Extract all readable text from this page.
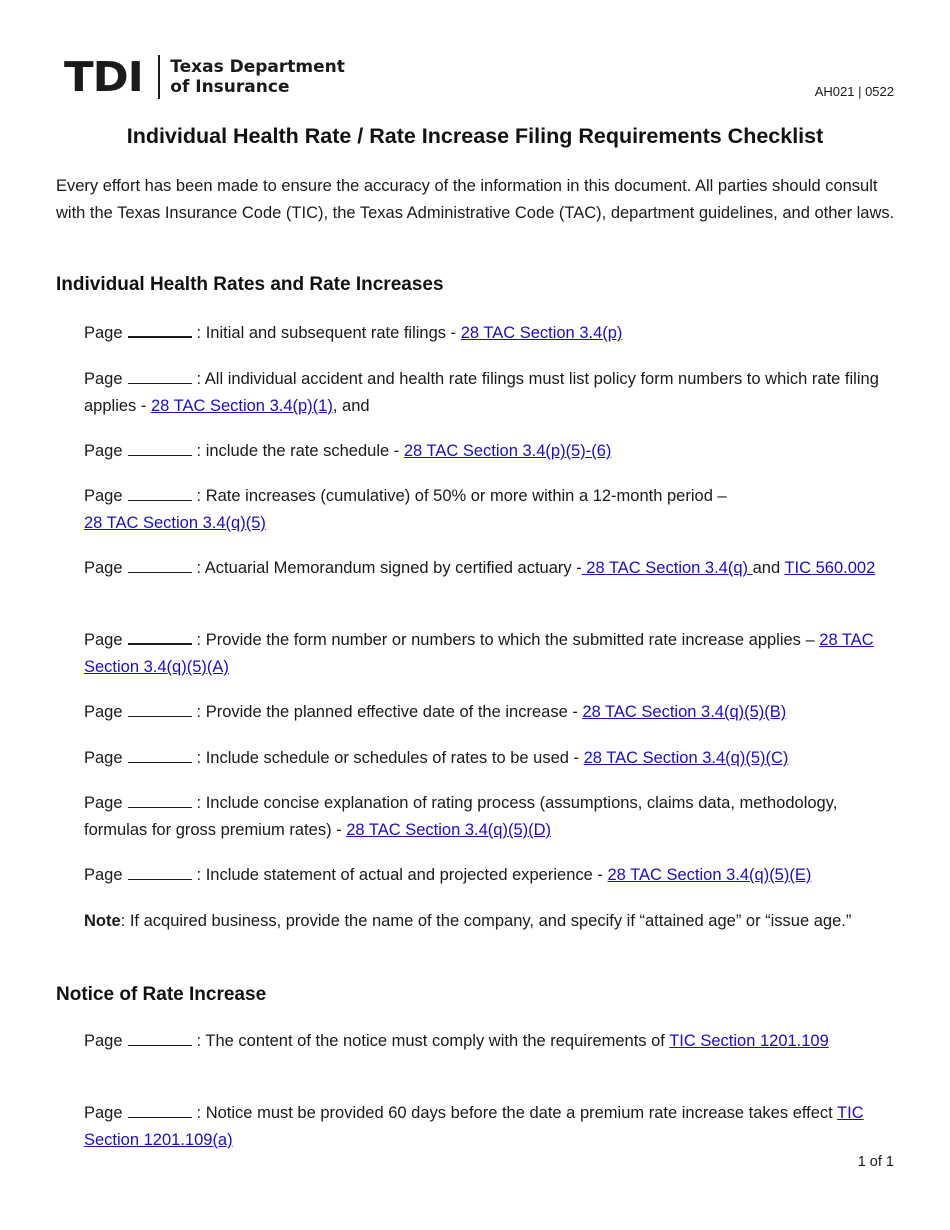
TDI Texas Department
of Insurance	AH021 | 0522
Individual Health Rate / Rate Increase Filing Requirements Checklist

Every effort has been made to ensure the accuracy of the information in this document. All parties should consult with the Texas Insurance Code (TIC), the Texas Administrative Code (TAC), department guidelines, and other laws.

Individual Health Rates and Rate Increases

Page	: Initial and subsequent rate filings - 28 TAC Section 3.4(p)

Page	: All individual accident and health rate filings must list policy form numbers to which rate filing applies - 28 TAC Section 3.4(p)(1), and

Page	: include the rate schedule - 28 TAC Section 3.4(p)(5)-(6)

Page	: Rate increases (cumulative) of 50% or more within a 12-month period –
28 TAC Section 3.4(q)(5)

Page	: Actuarial Memorandum signed by certified actuary - 28 TAC Section 3.4(q) and TIC 560.002

Page	: Provide the form number or numbers to which the submitted rate increase applies – 28 TAC Section 3.4(q)(5)(A)

Page	: Provide the planned effective date of the increase - 28 TAC Section 3.4(q)(5)(B)

Page	: Include schedule or schedules of rates to be used - 28 TAC Section 3.4(q)(5)(C)

Page	: Include concise explanation of rating process (assumptions, claims data, methodology, formulas for gross premium rates) - 28 TAC Section 3.4(q)(5)(D)

Page	: Include statement of actual and projected experience - 28 TAC Section 3.4(q)(5)(E)

Note: If acquired business, provide the name of the company, and specify if “attained age” or “issue age.”

Notice of Rate Increase

Page	: The content of the notice must comply with the requirements of TIC Section 1201.109

Page	: Notice must be provided 60 days before the date a premium rate increase takes effect TIC Section 1201.109(a)

1 of 1
